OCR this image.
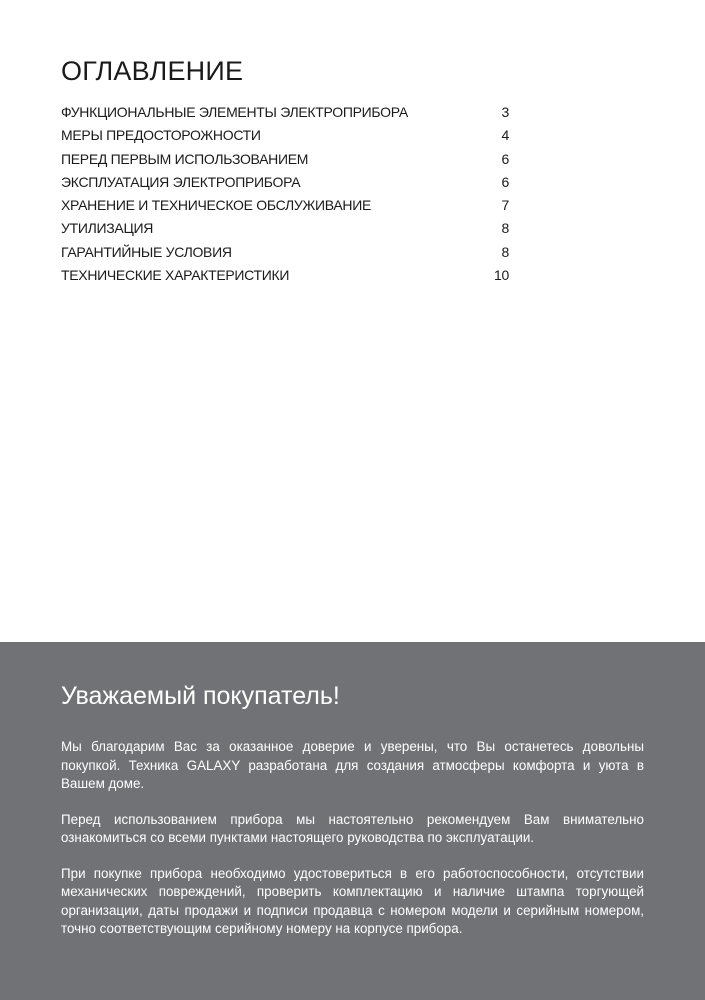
ОГЛАВЛЕНИЕ
ФУНКЦИОНАЛЬНЫЕ ЭЛЕМЕНТЫ ЭЛЕКТРОПРИБОРА	3
МЕРЫ ПРЕДОСТОРОЖНОСТИ	4
ПЕРЕД ПЕРВЫМ ИСПОЛЬЗОВАНИЕМ	6
ЭКСПЛУАТАЦИЯ ЭЛЕКТРОПРИБОРА	6
ХРАНЕНИЕ И ТЕХНИЧЕСКОЕ ОБСЛУЖИВАНИЕ	7
УТИЛИЗАЦИЯ	8
ГАРАНТИЙНЫЕ УСЛОВИЯ	8
ТЕХНИЧЕСКИЕ ХАРАКТЕРИСТИКИ	10
Уважаемый покупатель!

Мы благодарим Вас за оказанное доверие и уверены, что Вы останетесь довольны покупкой. Техника GALAXY разработана для создания атмосферы комфорта и уюта в Вашем доме.

Перед использованием прибора мы настоятельно рекомендуем Вам внимательно ознакомиться со всеми пунктами настоящего руководства по эксплуатации.

При покупке прибора необходимо удостовериться в его работоспособности, отсутствии механических повреждений, проверить комплектацию и наличие штампа торгующей организации, даты продажи и подписи продавца с номером модели и серийным номером, точно соответствующим серийному номеру на корпусе прибора.
